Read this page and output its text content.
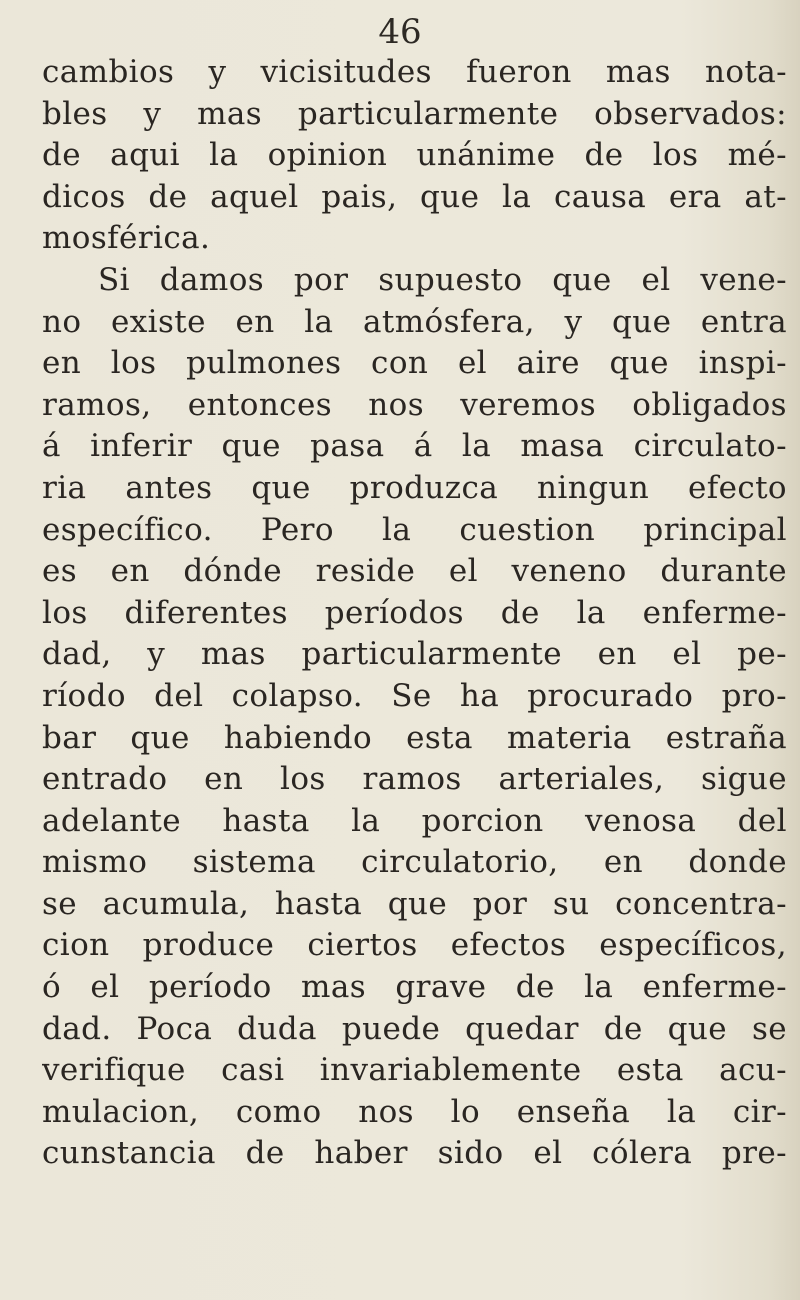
46
cambios y vicisitudes fueron mas nota-
bles y mas particularmente observados:
de aqui la opinion unánime de los mé-
dicos de aquel pais, que la causa era at-
mosférica.
Si damos por supuesto que el vene-
no existe en la atmósfera, y que entra
en los pulmones con el aire que inspi-
ramos, entonces nos veremos obligados
á inferir que pasa á la masa circulato-
ria antes que produzca ningun efecto
específico. Pero la cuestion principal
es en dónde reside el veneno durante
los diferentes períodos de la enferme-
dad, y mas particularmente en el pe-
ríodo del colapso. Se ha procurado pro-
bar que habiendo esta materia estraña
entrado en los ramos arteriales, sigue
adelante hasta la porcion venosa del
mismo sistema circulatorio, en donde
se acumula, hasta que por su concentra-
cion produce ciertos efectos específicos,
ó el período mas grave de la enferme-
dad. Poca duda puede quedar de que se
verifique casi invariablemente esta acu-
mulacion, como nos lo enseña la cir-
cunstancia de haber sido el cólera pre-
